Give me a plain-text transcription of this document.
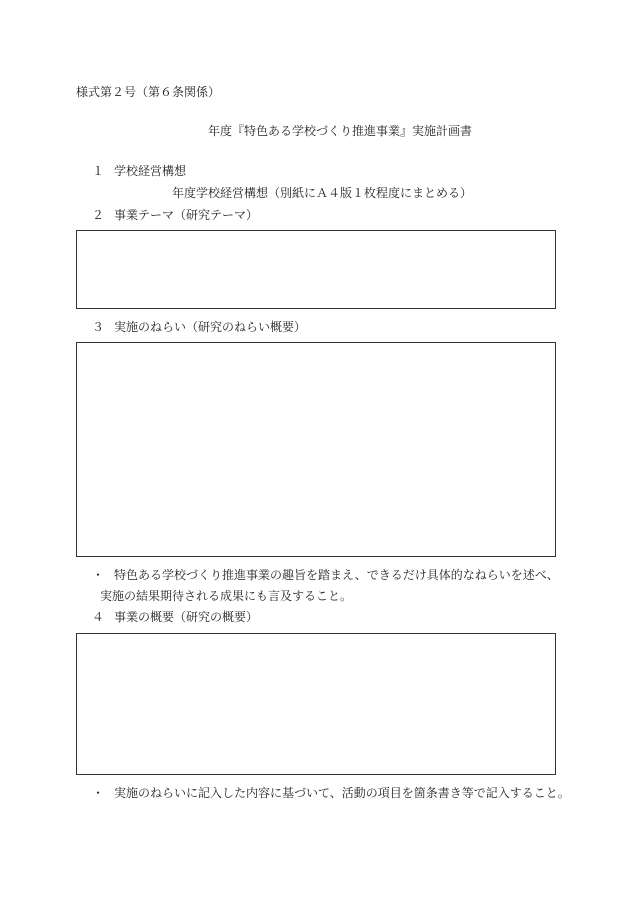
様式第２号（第６条関係）
年度『特色ある学校づくり推進事業』実施計画書
１ 学校経営構想
年度学校経営構想（別紙にＡ４版１枚程度にまとめる）
２ 事業テーマ（研究テーマ）
３ 実施のねらい（研究のねらい概要）
・ 特色ある学校づくり推進事業の趣旨を踏まえ、できるだけ具体的なねらいを述べ、
実施の結果期待される成果にも言及すること。
４ 事業の概要（研究の概要）
・ 実施のねらいに記入した内容に基づいて、活動の項目を箇条書き等で記入すること。
